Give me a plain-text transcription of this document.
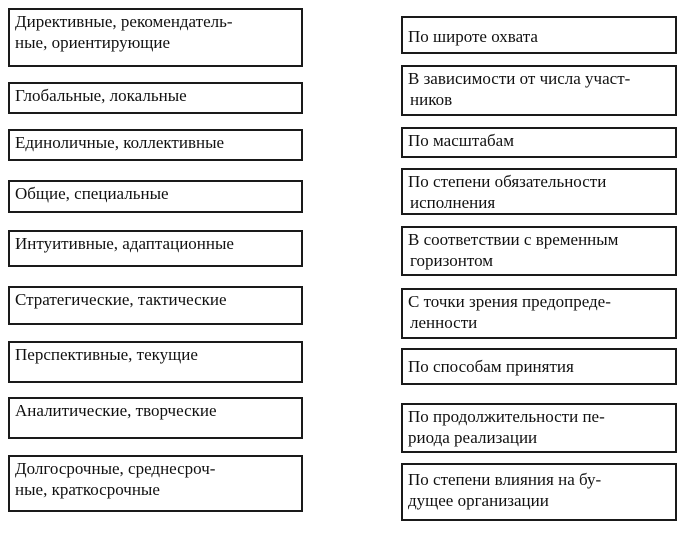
Директивные, рекомендатель-
ные, ориентирующие
Глобальные, локальные
Единоличные, коллективные
Общие, специальные
Интуитивные, адаптационные
Стратегические, тактические
Перспективные, текущие
Аналитические, творческие
Долгосрочные, среднесроч-
ные, краткосрочные
По широте охвата
В зависимости от числа участ-
ников
По масштабам
По степени обязательности
исполнения
В соответствии с временным
горизонтом
С точки зрения предопреде-
ленности
По способам принятия
По продолжительности пе-
риода реализации
По степени влияния на бу-
дущее организации
